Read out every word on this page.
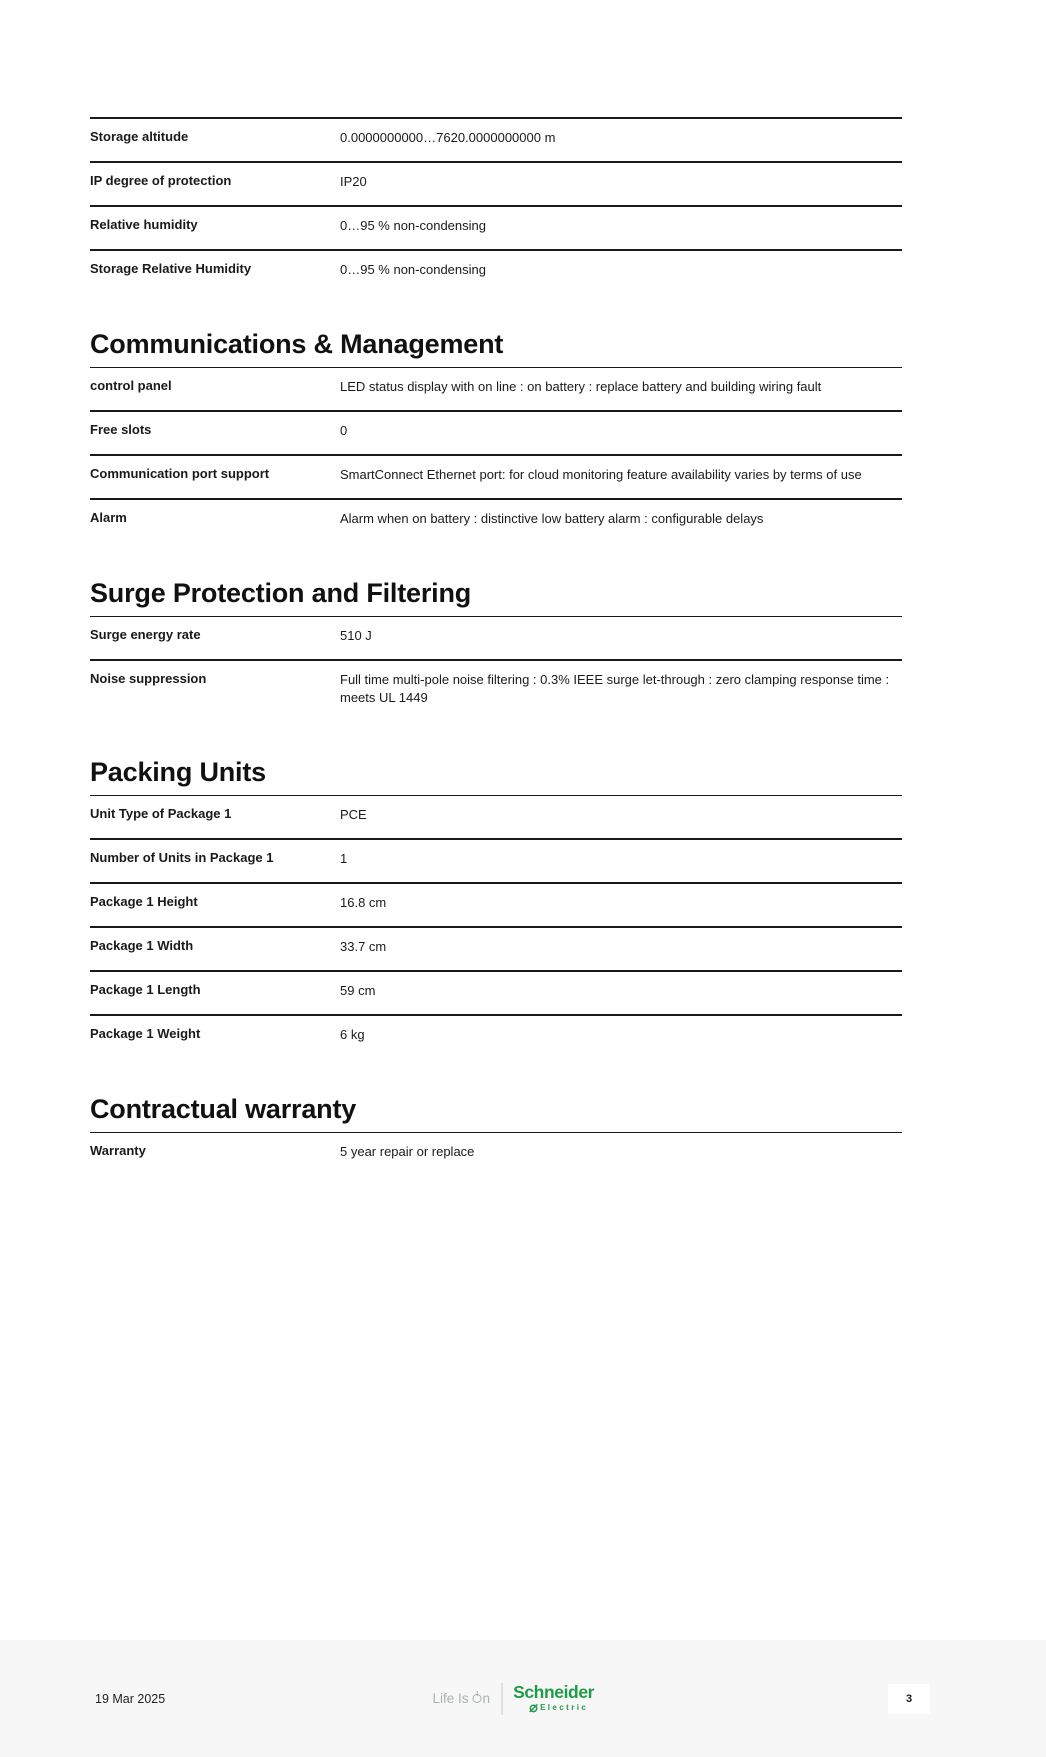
Storage altitude	0.0000000000…7620.0000000000 m
IP degree of protection	IP20
Relative humidity	0…95 % non-condensing
Storage Relative Humidity	0…95 % non-condensing
Communications & Management
control panel	LED status display with on line : on battery : replace battery and building wiring fault
Free slots	0
Communication port support	SmartConnect Ethernet port: for cloud monitoring feature availability varies by terms of use
Alarm	Alarm when on battery : distinctive low battery alarm : configurable delays
Surge Protection and Filtering
Surge energy rate	510 J
Noise suppression	Full time multi-pole noise filtering : 0.3% IEEE surge let-through : zero clamping response time : meets UL 1449
Packing Units
Unit Type of Package 1	PCE
Number of Units in Package 1	1
Package 1 Height	16.8 cm
Package 1 Width	33.7 cm
Package 1 Length	59 cm
Package 1 Weight	6 kg
Contractual warranty
Warranty	5 year repair or replace
19 Mar 2025	Life Is n Schneider
Electric
3
